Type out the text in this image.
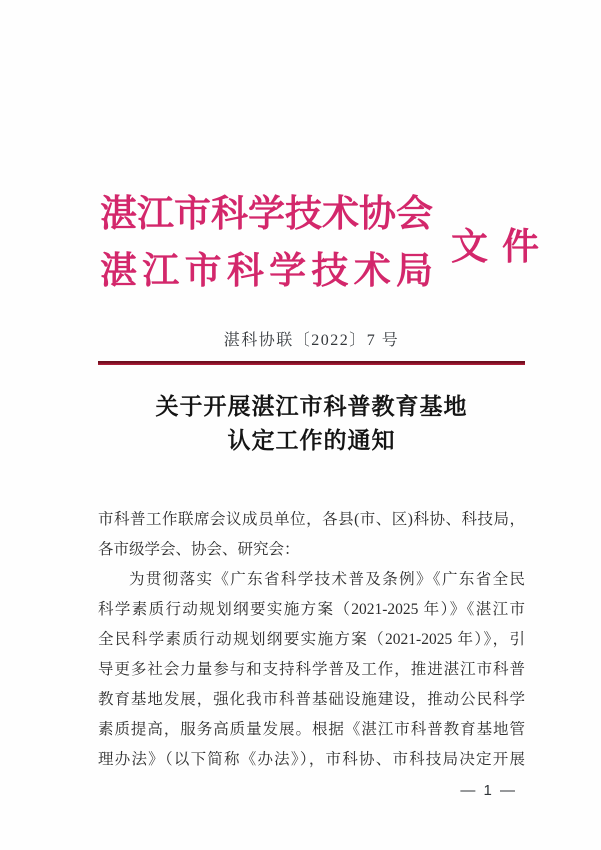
湛江市科学技术协会
湛江市科学技术局
文件
湛科协联〔2022〕7 号
关于开展湛江市科普教育基地
认定工作的通知
市科普工作联席会议成员单位，各县(市、区)科协、科技局，
各市级学会、协会、研究会：
为贯彻落实《广东省科学技术普及条例》《广东省全民
科学素质行动规划纲要实施方案（2021-2025 年）》《湛江市
全民科学素质行动规划纲要实施方案（2021-2025 年）》，引
导更多社会力量参与和支持科学普及工作，推进湛江市科普
教育基地发展，强化我市科普基础设施建设，推动公民科学
素质提高，服务高质量发展。根据《湛江市科普教育基地管
理办法》（以下简称《办法》），市科协、市科技局决定开展
— 1 —
